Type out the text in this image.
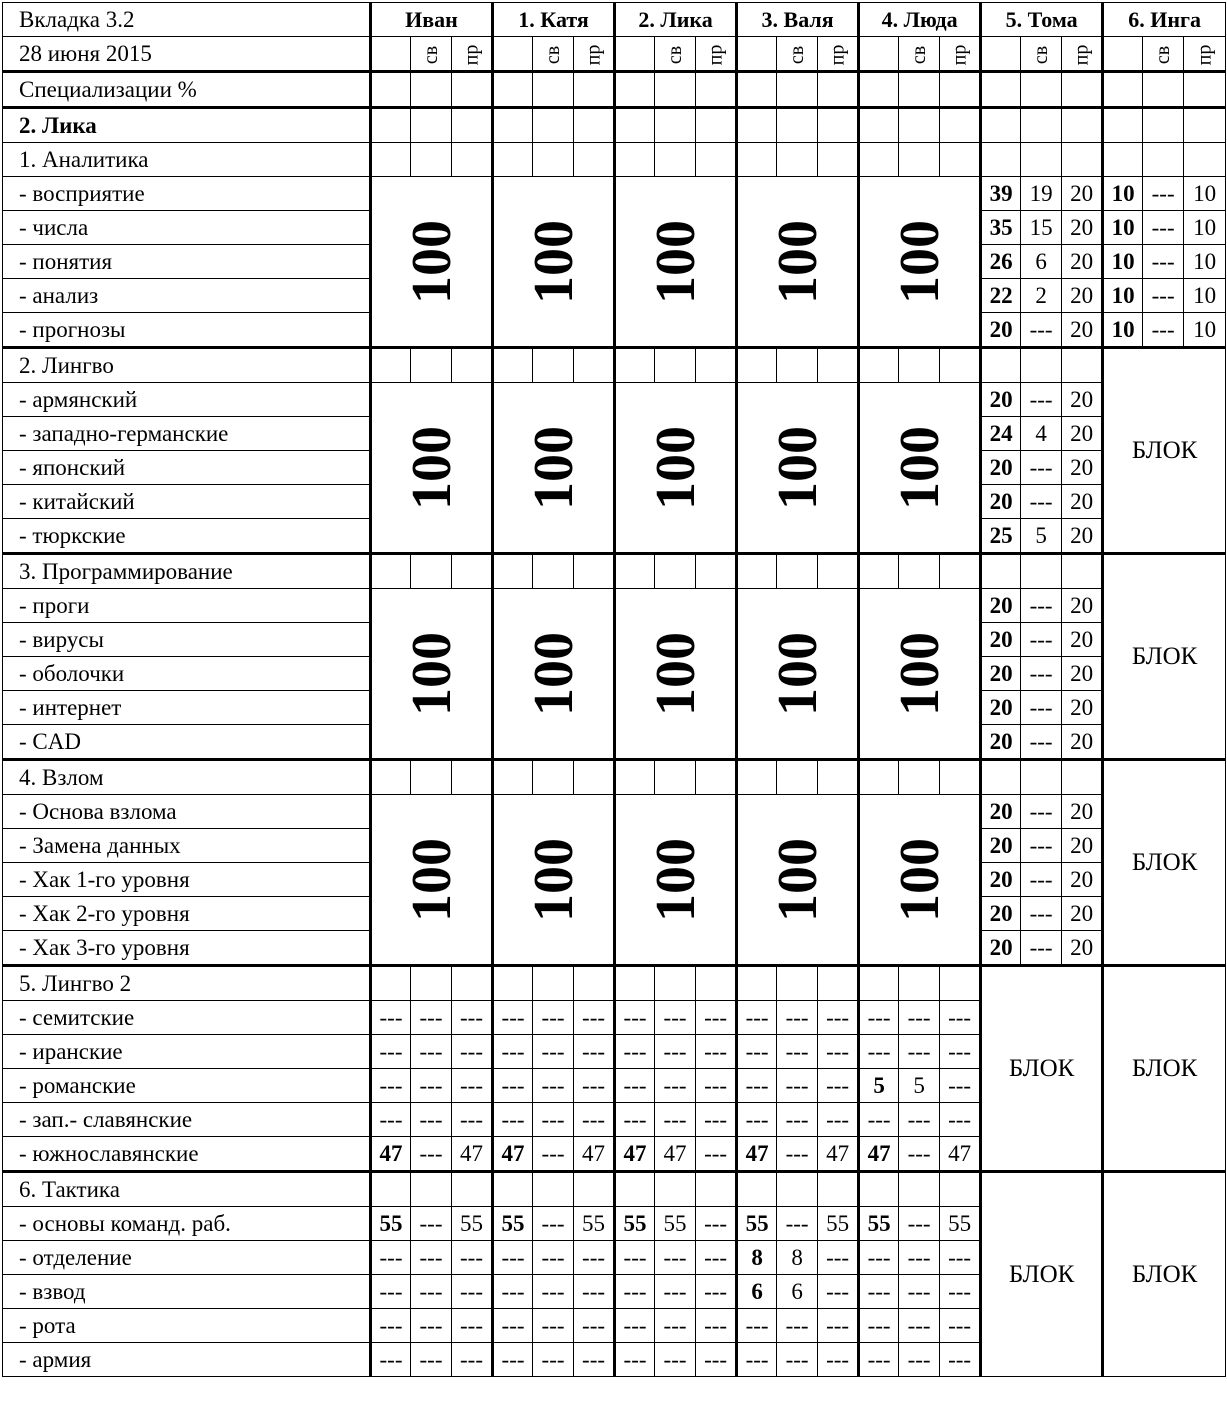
Вкладка 3.2	Иван			1. Катя			2. Лика			3. Валя			4. Люда			5. Тома			6. Инга		
28 июня 2015		св	пр		св	пр		св	пр		св	пр		св	пр		св	пр		св	пр
Специализации %																					
2. Лика																					
1. Аналитика																					
- восприятие	100			100			100			100			100			39	19	20	10	---	10
- числа																35	15	20	10	---	10
- понятия																26	6	20	10	---	10
- анализ																22	2	20	10	---	10
- прогнозы																20	---	20	10	---	10
2. Лингво																			БЛОК		
- армянский	100			100			100			100			100			20	---	20			
- западно-германские																24	4	20			
- японский																20	---	20			
- китайский																20	---	20			
- тюркские																25	5	20			
3. Программирование																			БЛОК		
- проги	100			100			100			100			100			20	---	20			
- вирусы																20	---	20			
- оболочки																20	---	20			
- интернет																20	---	20			
- CAD																20	---	20			
4. Взлом																			БЛОК		
- Основа взлома	100			100			100			100			100			20	---	20			
- Замена данных																20	---	20			
- Хак 1-го уровня																20	---	20			
- Хак 2-го уровня																20	---	20			
- Хак 3-го уровня																20	---	20			
5. Лингво 2																БЛОК			БЛОК		
- семитские	---	---	---	---	---	---	---	---	---	---	---	---	---	---	---						
- иранские	---	---	---	---	---	---	---	---	---	---	---	---	---	---	---						
- романские	---	---	---	---	---	---	---	---	---	---	---	---	5	5	---						
- зап.- славянские	---	---	---	---	---	---	---	---	---	---	---	---	---	---	---						
- южнославянские	47	---	47	47	---	47	47	47	---	47	---	47	47	---	47						
6. Тактика																БЛОК			БЛОК		
- основы команд. раб.	55	---	55	55	---	55	55	55	---	55	---	55	55	---	55						
- отделение	---	---	---	---	---	---	---	---	---	8	8	---	---	---	---						
- взвод	---	---	---	---	---	---	---	---	---	6	6	---	---	---	---						
- рота	---	---	---	---	---	---	---	---	---	---	---	---	---	---	---						
- армия	---	---	---	---	---	---	---	---	---	---	---	---	---	---	---						
